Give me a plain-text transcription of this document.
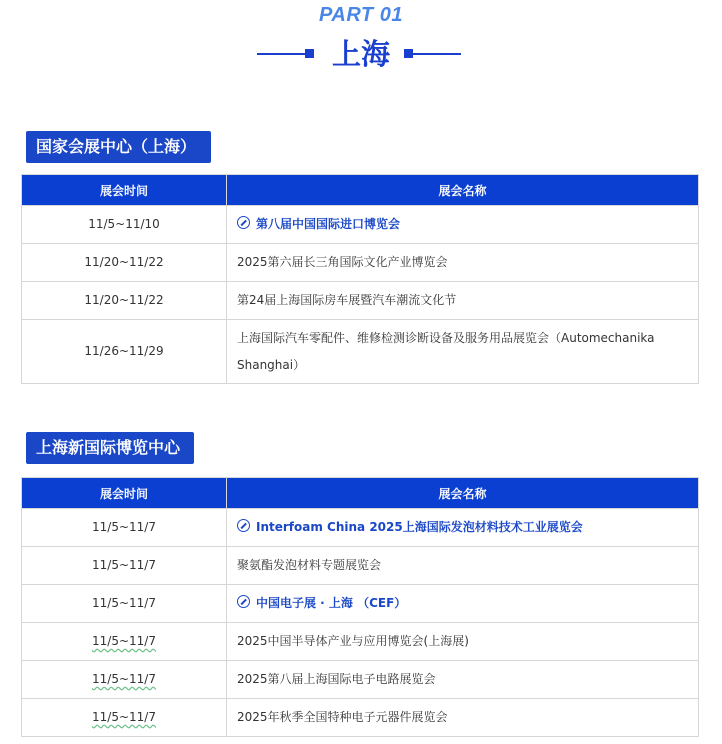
PART 01
上海
国家会展中心（上海）
展会时间	展会名称
11/5~11/10	第八届中国国际进口博览会
11/20~11/22	2025第六届长三角国际文化产业博览会
11/20~11/22	第24届上海国际房车展暨汽车潮流文化节
11/26~11/29	上海国际汽车零配件、维修检测诊断设备及服务用品展览会（Automechanika Shanghai）
上海新国际博览中心
展会时间	展会名称
11/5~11/7	Interfoam China 2025上海国际发泡材料技术工业展览会
11/5~11/7	聚氨酯发泡材料专题展览会
11/5~11/7	中国电子展 · 上海 （CEF）
11/5~11/7	2025中国半导体产业与应用博览会(上海展)
11/5~11/7	2025第八届上海国际电子电路展览会
11/5~11/7	2025年秋季全国特种电子元器件展览会
